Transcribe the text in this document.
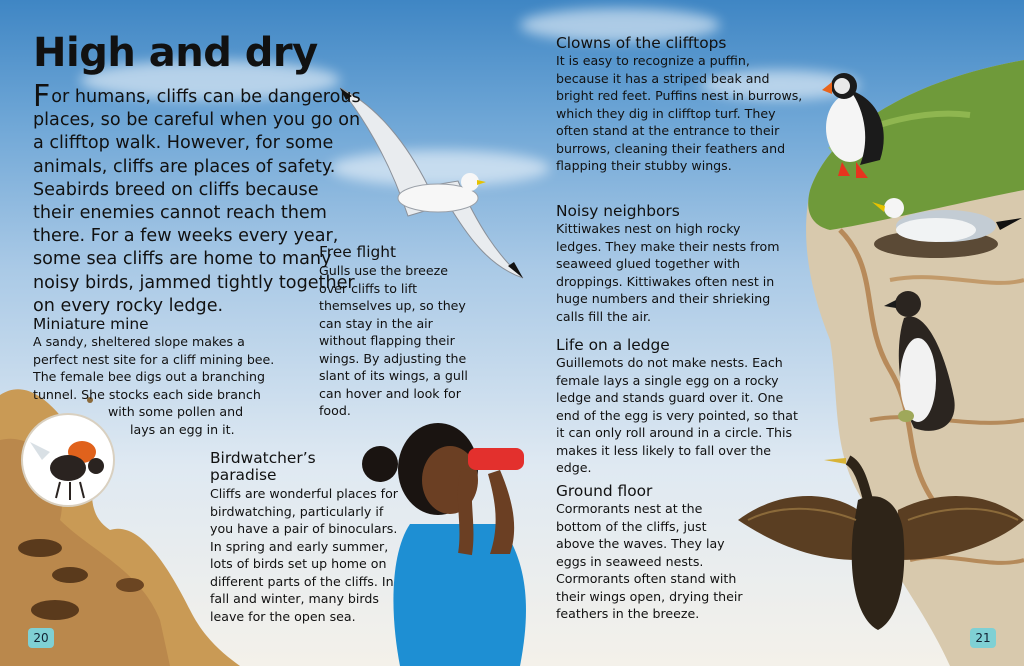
High and dry
For humans, cliffs can be dangerous places, so be careful when you go on a clifftop walk. However, for some animals, cliffs are places of safety. Seabirds breed on cliffs because their enemies cannot reach them there. For a few weeks every year, some sea cliffs are home to many noisy birds, jammed tightly together on every rocky ledge.
Miniature mine
A sandy, sheltered slope makes a
perfect nest site for a cliff mining bee.
The female bee digs out a branching
tunnel. She stocks each side branch
with some pollen and
lays an egg in it.
Free flight
Gulls use the breeze over cliffs to lift themselves up, so they can stay in the air without flapping their wings. By adjusting the slant of its wings, a gull can hover and look for food.
Birdwatcher’s
paradise
Cliffs are wonderful places for birdwatching, particularly if you have a pair of binoculars. In spring and early summer, lots of birds set up home on different parts of the cliffs. In fall and winter, many birds leave for the open sea.
Clowns of the clifftops
It is easy to recognize a puffin, because it has a striped beak and bright red feet. Puffins nest in burrows, which they dig in clifftop turf. They often stand at the entrance to their burrows, cleaning their feathers and flapping their stubby wings.
Noisy neighbors
Kittiwakes nest on high rocky ledges. They make their nests from seaweed glued together with droppings. Kittiwakes often nest in huge numbers and their shrieking calls fill the air.
Life on a ledge
Guillemots do not make nests. Each female lays a single egg on a rocky ledge and stands guard over it. One end of the egg is very pointed, so that it can only roll around in a circle. This makes it less likely to fall over the edge.
Ground floor
Cormorants nest at the bottom of the cliffs, just above the waves. They lay eggs in seaweed nests. Cormorants often stand with their wings open, drying their feathers in the breeze.
20	21
